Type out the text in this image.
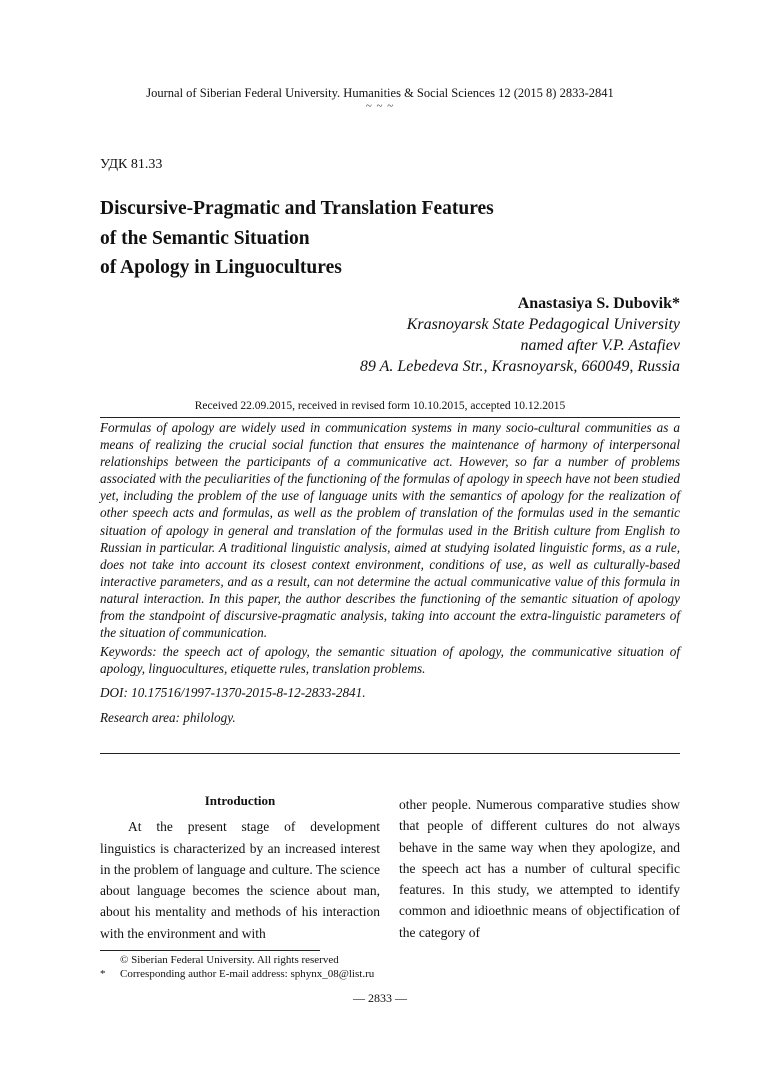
Journal of Siberian Federal University. Humanities & Social Sciences 12 (2015 8) 2833-2841
~ ~ ~
УДК 81.33
Discursive-Pragmatic and Translation Features
of the Semantic Situation
of Apology in Linguocultures
Anastasiya S. Dubovik*
Krasnoyarsk State Pedagogical University
named after V.P. Astafiev
89 A. Lebedeva Str., Krasnoyarsk, 660049, Russia
Received 22.09.2015, received in revised form 10.10.2015, accepted 10.12.2015

Formulas of apology are widely used in communication systems in many socio-cultural communities as a means of realizing the crucial social function that ensures the maintenance of harmony of interpersonal relationships between the participants of a communicative act. However, so far a number of problems associated with the peculiarities of the functioning of the formulas of apology in speech have not been studied yet, including the problem of the use of language units with the semantics of apology for the realization of other speech acts and formulas, as well as the problem of translation of the formulas used in the semantic situation of apology in general and translation of the formulas used in the British culture from English to Russian in particular. A traditional linguistic analysis, aimed at studying isolated linguistic forms, as a rule, does not take into account its closest context environment, conditions of use, as well as culturally-based interactive parameters, and as a result, can not determine the actual communicative value of this formula in natural interaction. In this paper, the author describes the functioning of the semantic situation of apology from the standpoint of discursive-pragmatic analysis, taking into account the extra-linguistic parameters of the situation of communication.

Keywords: the speech act of apology, the semantic situation of apology, the communicative situation of apology, linguocultures, etiquette rules, translation problems.

DOI: 10.17516/1997-1370-2015-8-12-2833-2841.

Research area: philology.

Introduction

At the present stage of development linguistics is characterized by an increased interest in the problem of language and culture. The science about language becomes the science about man, about his mentality and methods of his interaction with the environment and with

other people. Numerous comparative studies show that people of different cultures do not always behave in the same way when they apologize, and the speech act has a number of cultural specific features. In this study, we attempted to identify common and idioethnic means of objectification of the category of

© Siberian Federal University. All rights reserved
*	Corresponding author E-mail address: sphynx_08@list.ru
— 2833 —
